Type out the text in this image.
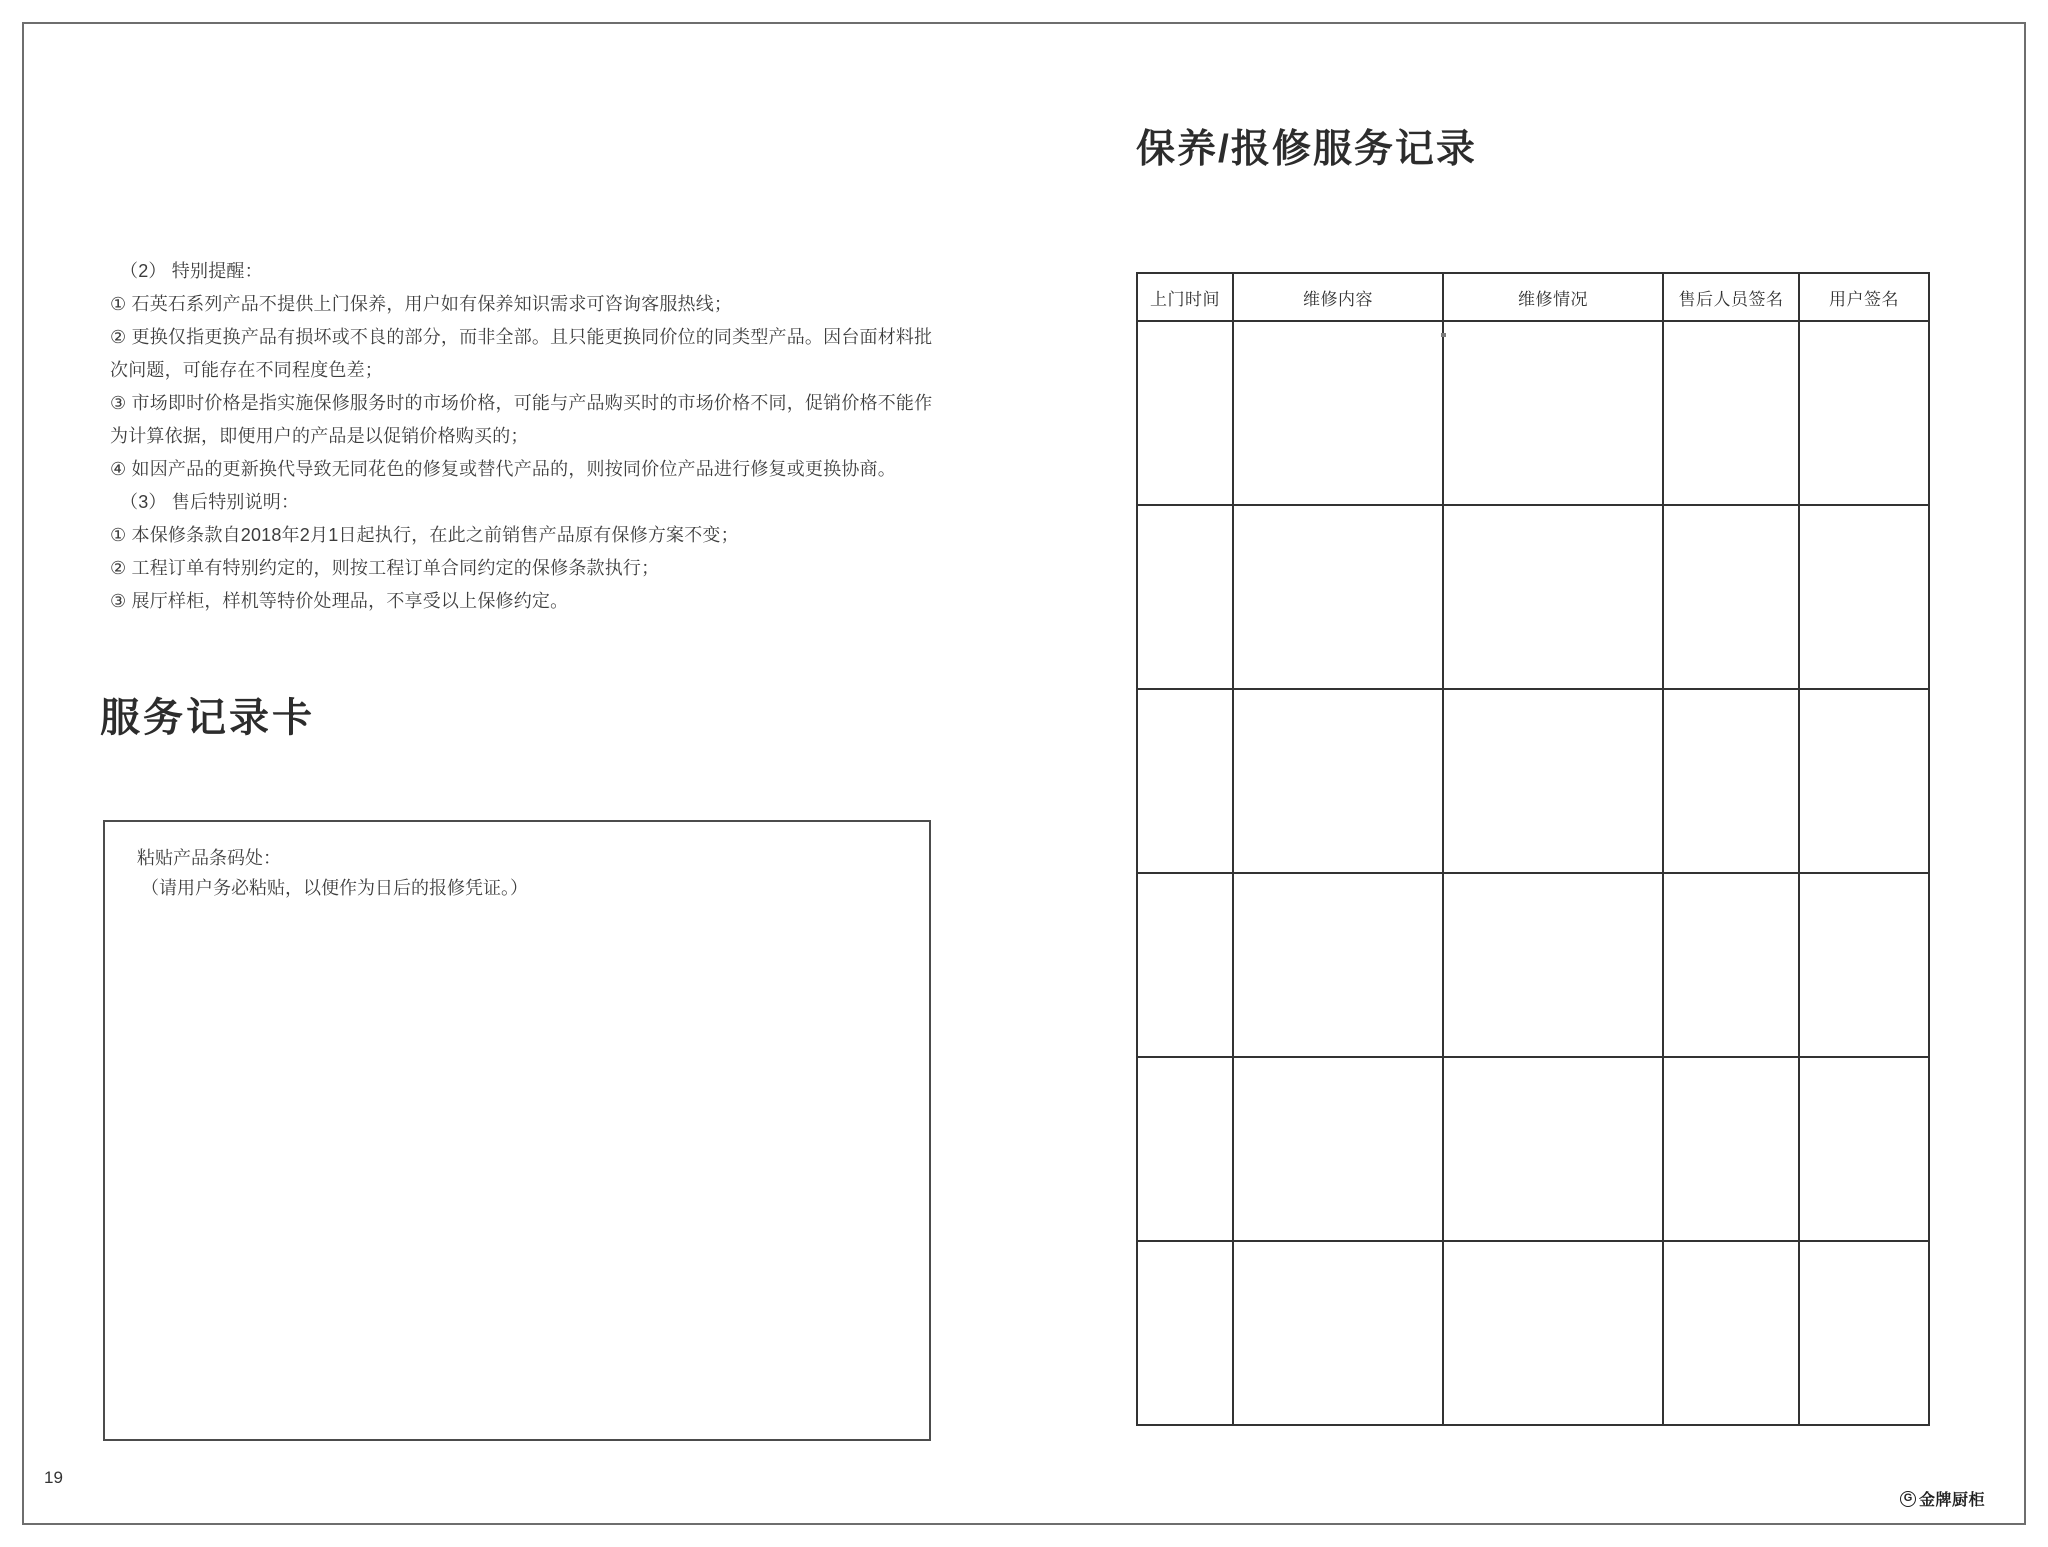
（2） 特别提醒：

① 石英石系列产品不提供上门保养，用户如有保养知识需求可咨询客服热线；

② 更换仅指更换产品有损坏或不良的部分，而非全部。且只能更换同价位的同类型产品。因台面材料批次问题，可能存在不同程度色差；

③ 市场即时价格是指实施保修服务时的市场价格，可能与产品购买时的市场价格不同，促销价格不能作为计算依据，即便用户的产品是以促销价格购买的；

④ 如因产品的更新换代导致无同花色的修复或替代产品的，则按同价位产品进行修复或更换协商。

（3） 售后特别说明：

① 本保修条款自2018年2月1日起执行，在此之前销售产品原有保修方案不变；

② 工程订单有特别约定的，则按工程订单合同约定的保修条款执行；

③ 展厅样柜，样机等特价处理品，不享受以上保修约定。

服务记录卡
粘贴产品条码处：
（请用户务必粘贴，以便作为日后的报修凭证。）
19
保养/报修服务记录
上门时间	维修内容	维修情况	售后人员签名	用户签名

G 金牌厨柜
